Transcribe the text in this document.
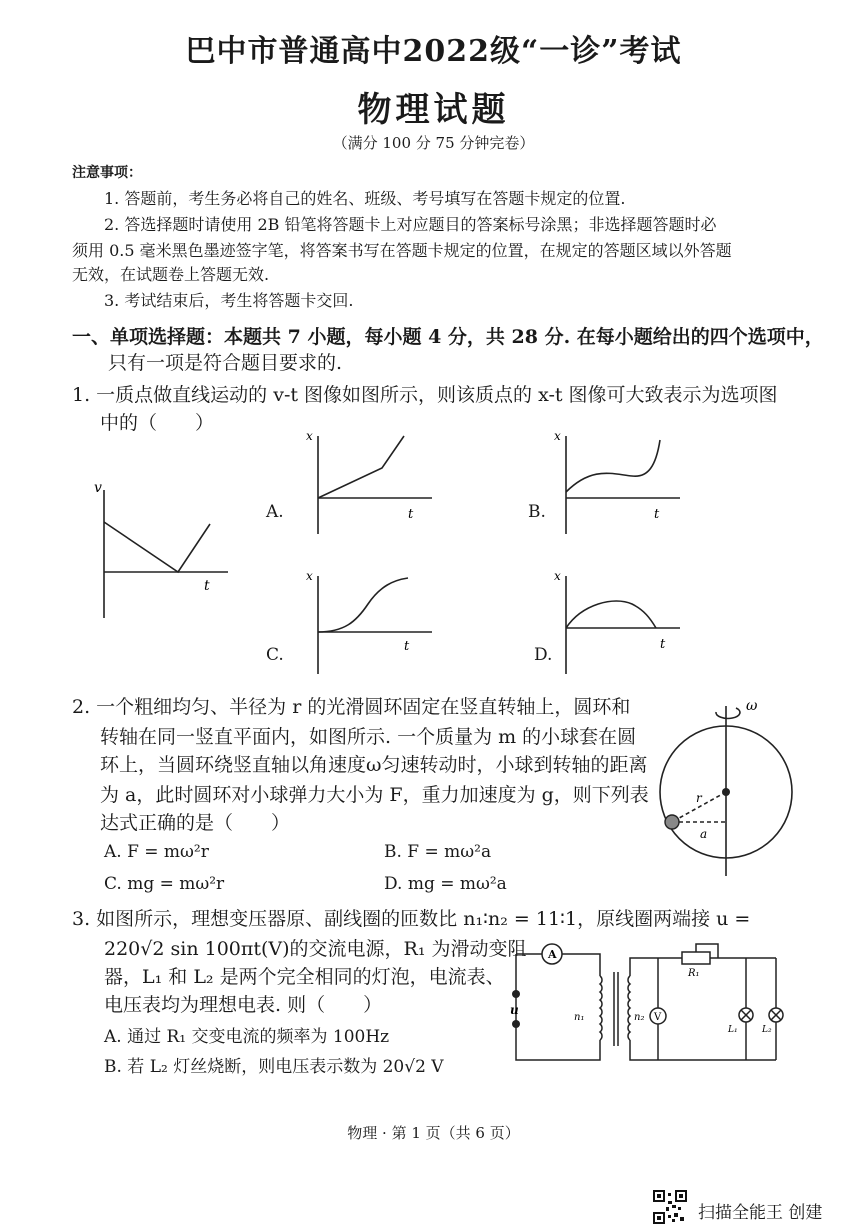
巴中市普通高中2022级“一诊”考试
物理试题
（满分 100 分 75 分钟完卷）
注意事项：
1. 答题前，考生务必将自己的姓名、班级、考号填写在答题卡规定的位置.
2. 答选择题时请使用 2B 铅笔将答题卡上对应题目的答案标号涂黑；非选择题答题时必
须用 0.5 毫米黑色墨迹签字笔，将答案书写在答题卡规定的位置，在规定的答题区域以外答题
无效，在试题卷上答题无效.
3. 考试结束后，考生将答题卡交回.
一、单项选择题：本题共 7 小题，每小题 4 分，共 28 分. 在每小题给出的四个选项中，
只有一项是符合题目要求的.
1. 一质点做直线运动的 v-t 图像如图所示，则该质点的 x-t 图像可大致表示为选项图
中的（　　）
v
t
A.
x
t	B.
x
t
C.
x
t	D.
x
t
2. 一个粗细均匀、半径为 r 的光滑圆环固定在竖直转轴上，圆环和
转轴在同一竖直平面内，如图所示. 一个质量为 m 的小球套在圆
环上，当圆环绕竖直轴以角速度ω匀速转动时，小球到转轴的距离
为 a，此时圆环对小球弹力大小为 F，重力加速度为 g，则下列表
达式正确的是（　　）
A. F = mω²r	B. F = mω²a
C. mg = mω²r	D. mg = mω²a
ω
r
a
3. 如图所示，理想变压器原、副线圈的匝数比 n₁∶n₂ = 11∶1，原线圈两端接 u =
220√2 sin 100πt(V)的交流电源，R₁ 为滑动变阻
器，L₁ 和 L₂ 是两个完全相同的灯泡，电流表、
电压表均为理想电表. 则（　　）
A. 通过 R₁ 交变电流的频率为 100Hz
B. 若 L₂ 灯丝烧断，则电压表示数为 20√2 V
A
V
u
n₁	n₂
R₁
L₁	L₂
物理 · 第 1 页（共 6 页）
扫描全能王 创建
